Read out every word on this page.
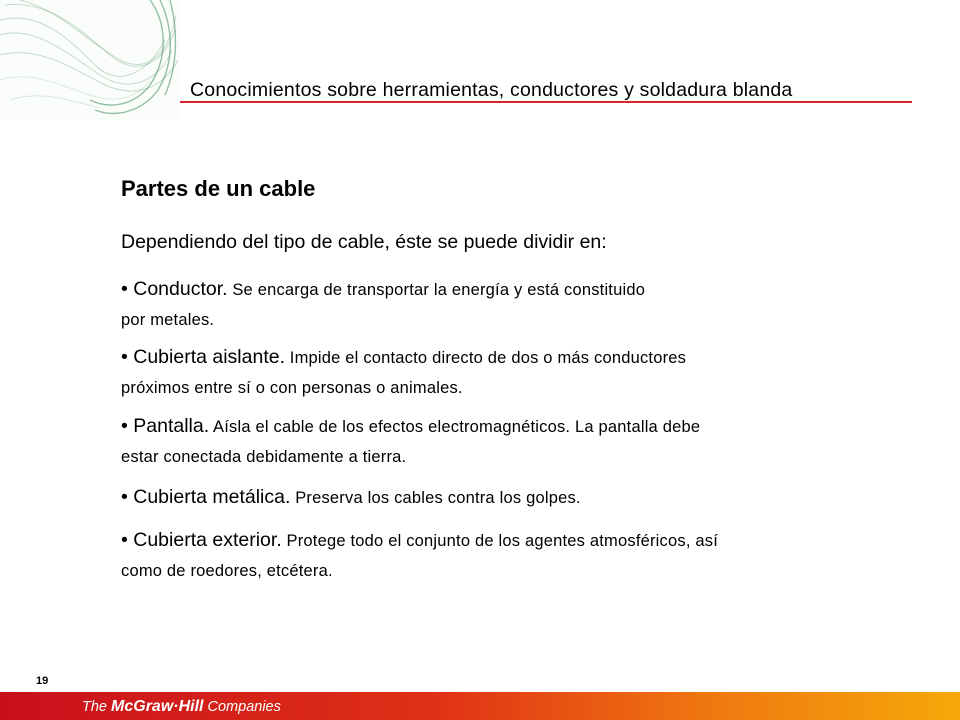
Conocimientos sobre herramientas, conductores y soldadura blanda
Partes de un cable

Dependiendo del tipo de cable, éste se puede dividir en:

• Conductor. Se encarga de transportar la energía y está constituido
por metales.

• Cubierta aislante. Impide el contacto directo de dos o más conductores
próximos entre sí o con personas o animales.

• Pantalla. Aísla el cable de los efectos electromagnéticos. La pantalla debe
estar conectada debidamente a tierra.

• Cubierta metálica. Preserva los cables contra los golpes.

• Cubierta exterior. Protege todo el conjunto de los agentes atmosféricos, así
como de roedores, etcétera.

19
The McGraw·Hill Companies
